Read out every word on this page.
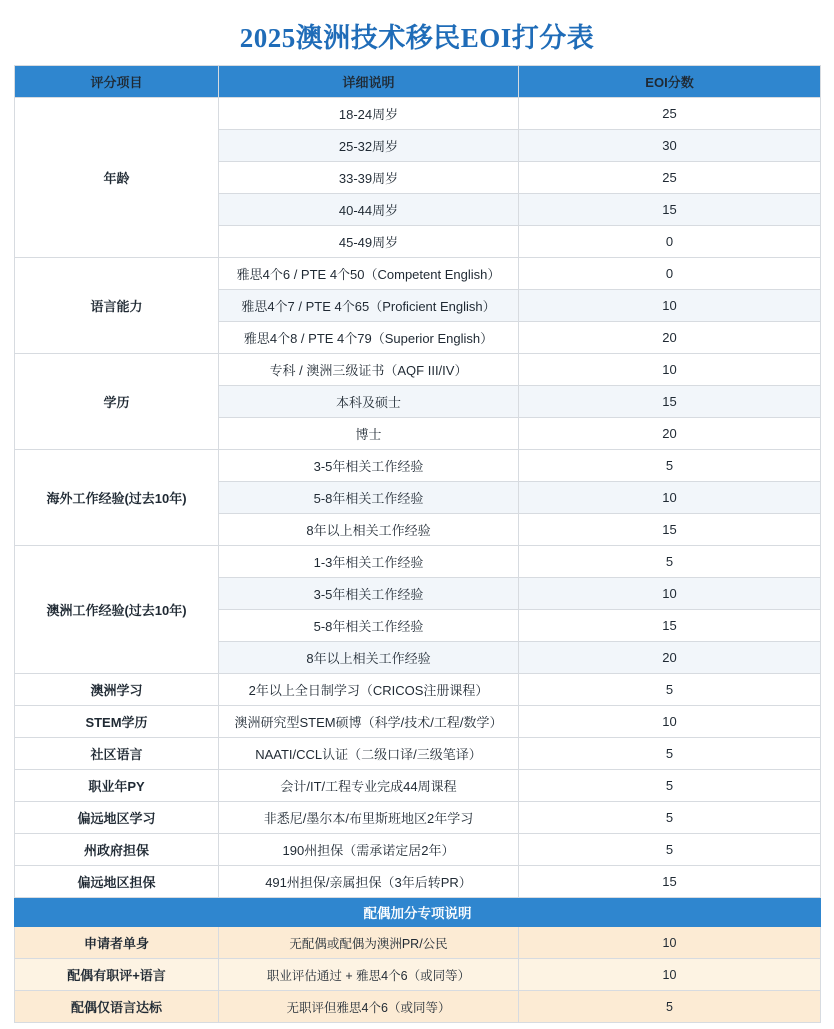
2025澳洲技术移民EOI打分表
评分项目	详细说明	EOI分数
年龄	18-24周岁	25
	25-32周岁	30
	33-39周岁	25
	40-44周岁	15
	45-49周岁	0
语言能力	雅思4个6 / PTE 4个50（Competent English）	0
	雅思4个7 / PTE 4个65（Proficient English）	10
	雅思4个8 / PTE 4个79（Superior English）	20
学历	专科 / 澳洲三级证书（AQF III/IV）	10
	本科及硕士	15
	博士	20
海外工作经验(过去10年)	3-5年相关工作经验	5
	5-8年相关工作经验	10
	8年以上相关工作经验	15
澳洲工作经验(过去10年)	1-3年相关工作经验	5
	3-5年相关工作经验	10
	5-8年相关工作经验	15
	8年以上相关工作经验	20
澳洲学习	2年以上全日制学习（CRICOS注册课程）	5
STEM学历	澳洲研究型STEM硕博（科学/技术/工程/数学）	10
社区语言	NAATI/CCL认证（二级口译/三级笔译）	5
职业年PY	会计/IT/工程专业完成44周课程	5
偏远地区学习	非悉尼/墨尔本/布里斯班地区2年学习	5
州政府担保	190州担保（需承诺定居2年）	5
偏远地区担保	491州担保/亲属担保（3年后转PR）	15
配偶加分专项说明		
申请者单身	无配偶或配偶为澳洲PR/公民	10
配偶有职评+语言	职业评估通过 + 雅思4个6（或同等）	10
配偶仅语言达标	无职评但雅思4个6（或同等）	5
